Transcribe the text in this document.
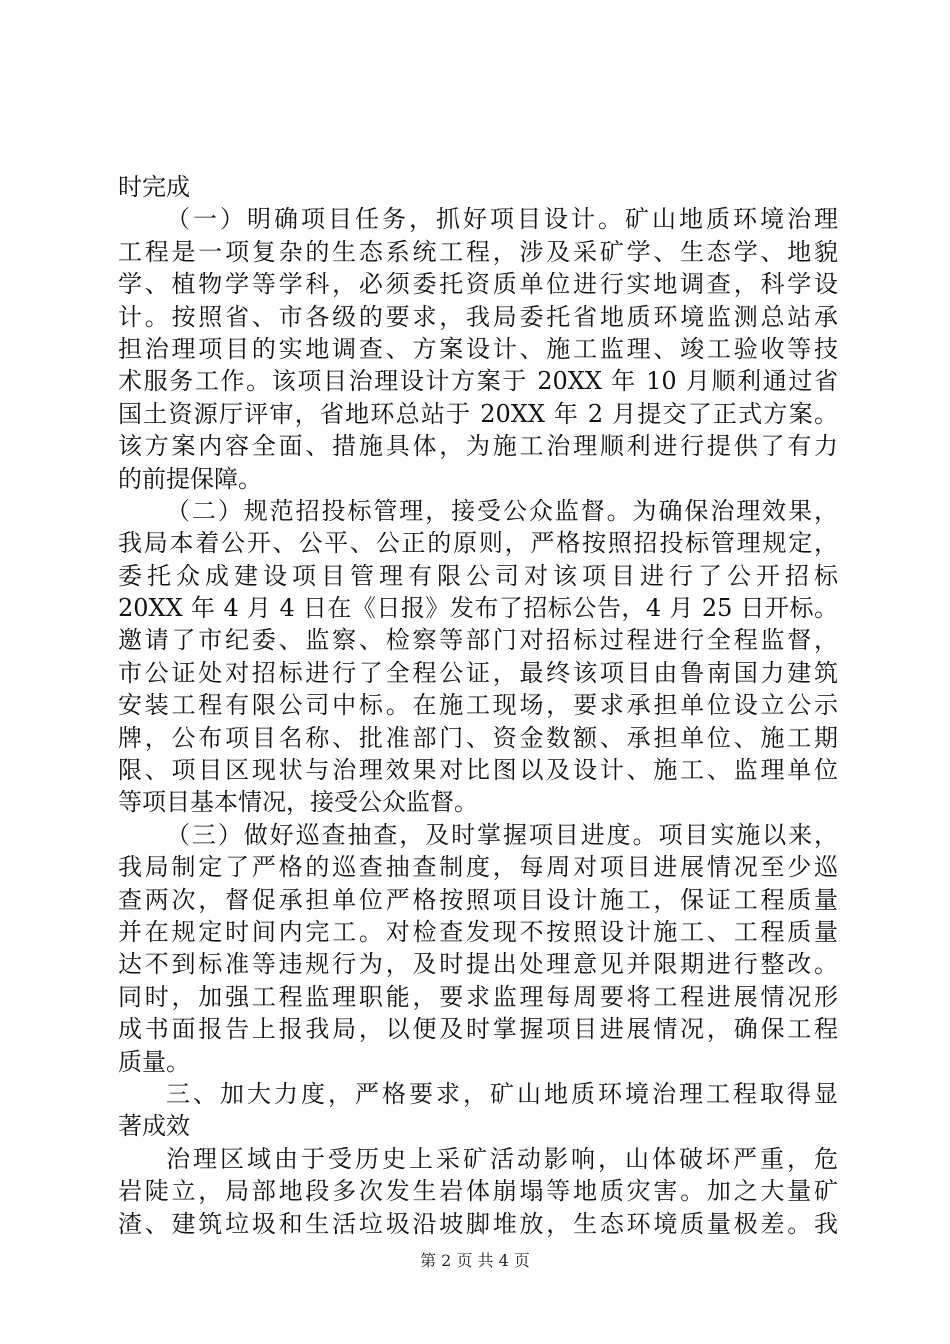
时完成
（一）明确项目任务，抓好项目设计。矿山地质环境治理
工程是一项复杂的生态系统工程，涉及采矿学、生态学、地貌
学、植物学等学科，必须委托资质单位进行实地调查，科学设
计。按照省、市各级的要求，我局委托省地质环境监测总站承
担治理项目的实地调查、方案设计、施工监理、竣工验收等技
术服务工作。该项目治理设计方案于 20XX 年 10 月顺利通过省
国土资源厅评审，省地环总站于 20XX 年 2 月提交了正式方案。
该方案内容全面、措施具体，为施工治理顺利进行提供了有力
的前提保障。
（二）规范招投标管理，接受公众监督。为确保治理效果，
我局本着公开、公平、公正的原则，严格按照招投标管理规定，
委托众成建设项目管理有限公司对该项目进行了公开招标
20XX 年 4 月 4 日在《日报》发布了招标公告，4 月 25 日开标。
邀请了市纪委、监察、检察等部门对招标过程进行全程监督，
市公证处对招标进行了全程公证，最终该项目由鲁南国力建筑
安装工程有限公司中标。在施工现场，要求承担单位设立公示
牌，公布项目名称、批准部门、资金数额、承担单位、施工期
限、项目区现状与治理效果对比图以及设计、施工、监理单位
等项目基本情况，接受公众监督。
（三）做好巡查抽查，及时掌握项目进度。项目实施以来，
我局制定了严格的巡查抽查制度，每周对项目进展情况至少巡
查两次，督促承担单位严格按照项目设计施工，保证工程质量
并在规定时间内完工。对检查发现不按照设计施工、工程质量
达不到标准等违规行为，及时提出处理意见并限期进行整改。
同时，加强工程监理职能，要求监理每周要将工程进展情况形
成书面报告上报我局，以便及时掌握项目进展情况，确保工程
质量。
三、加大力度，严格要求，矿山地质环境治理工程取得显
著成效
治理区域由于受历史上采矿活动影响，山体破坏严重，危
岩陡立，局部地段多次发生岩体崩塌等地质灾害。加之大量矿
渣、建筑垃圾和生活垃圾沿坡脚堆放，生态环境质量极差。我
第 2 页 共 4 页
